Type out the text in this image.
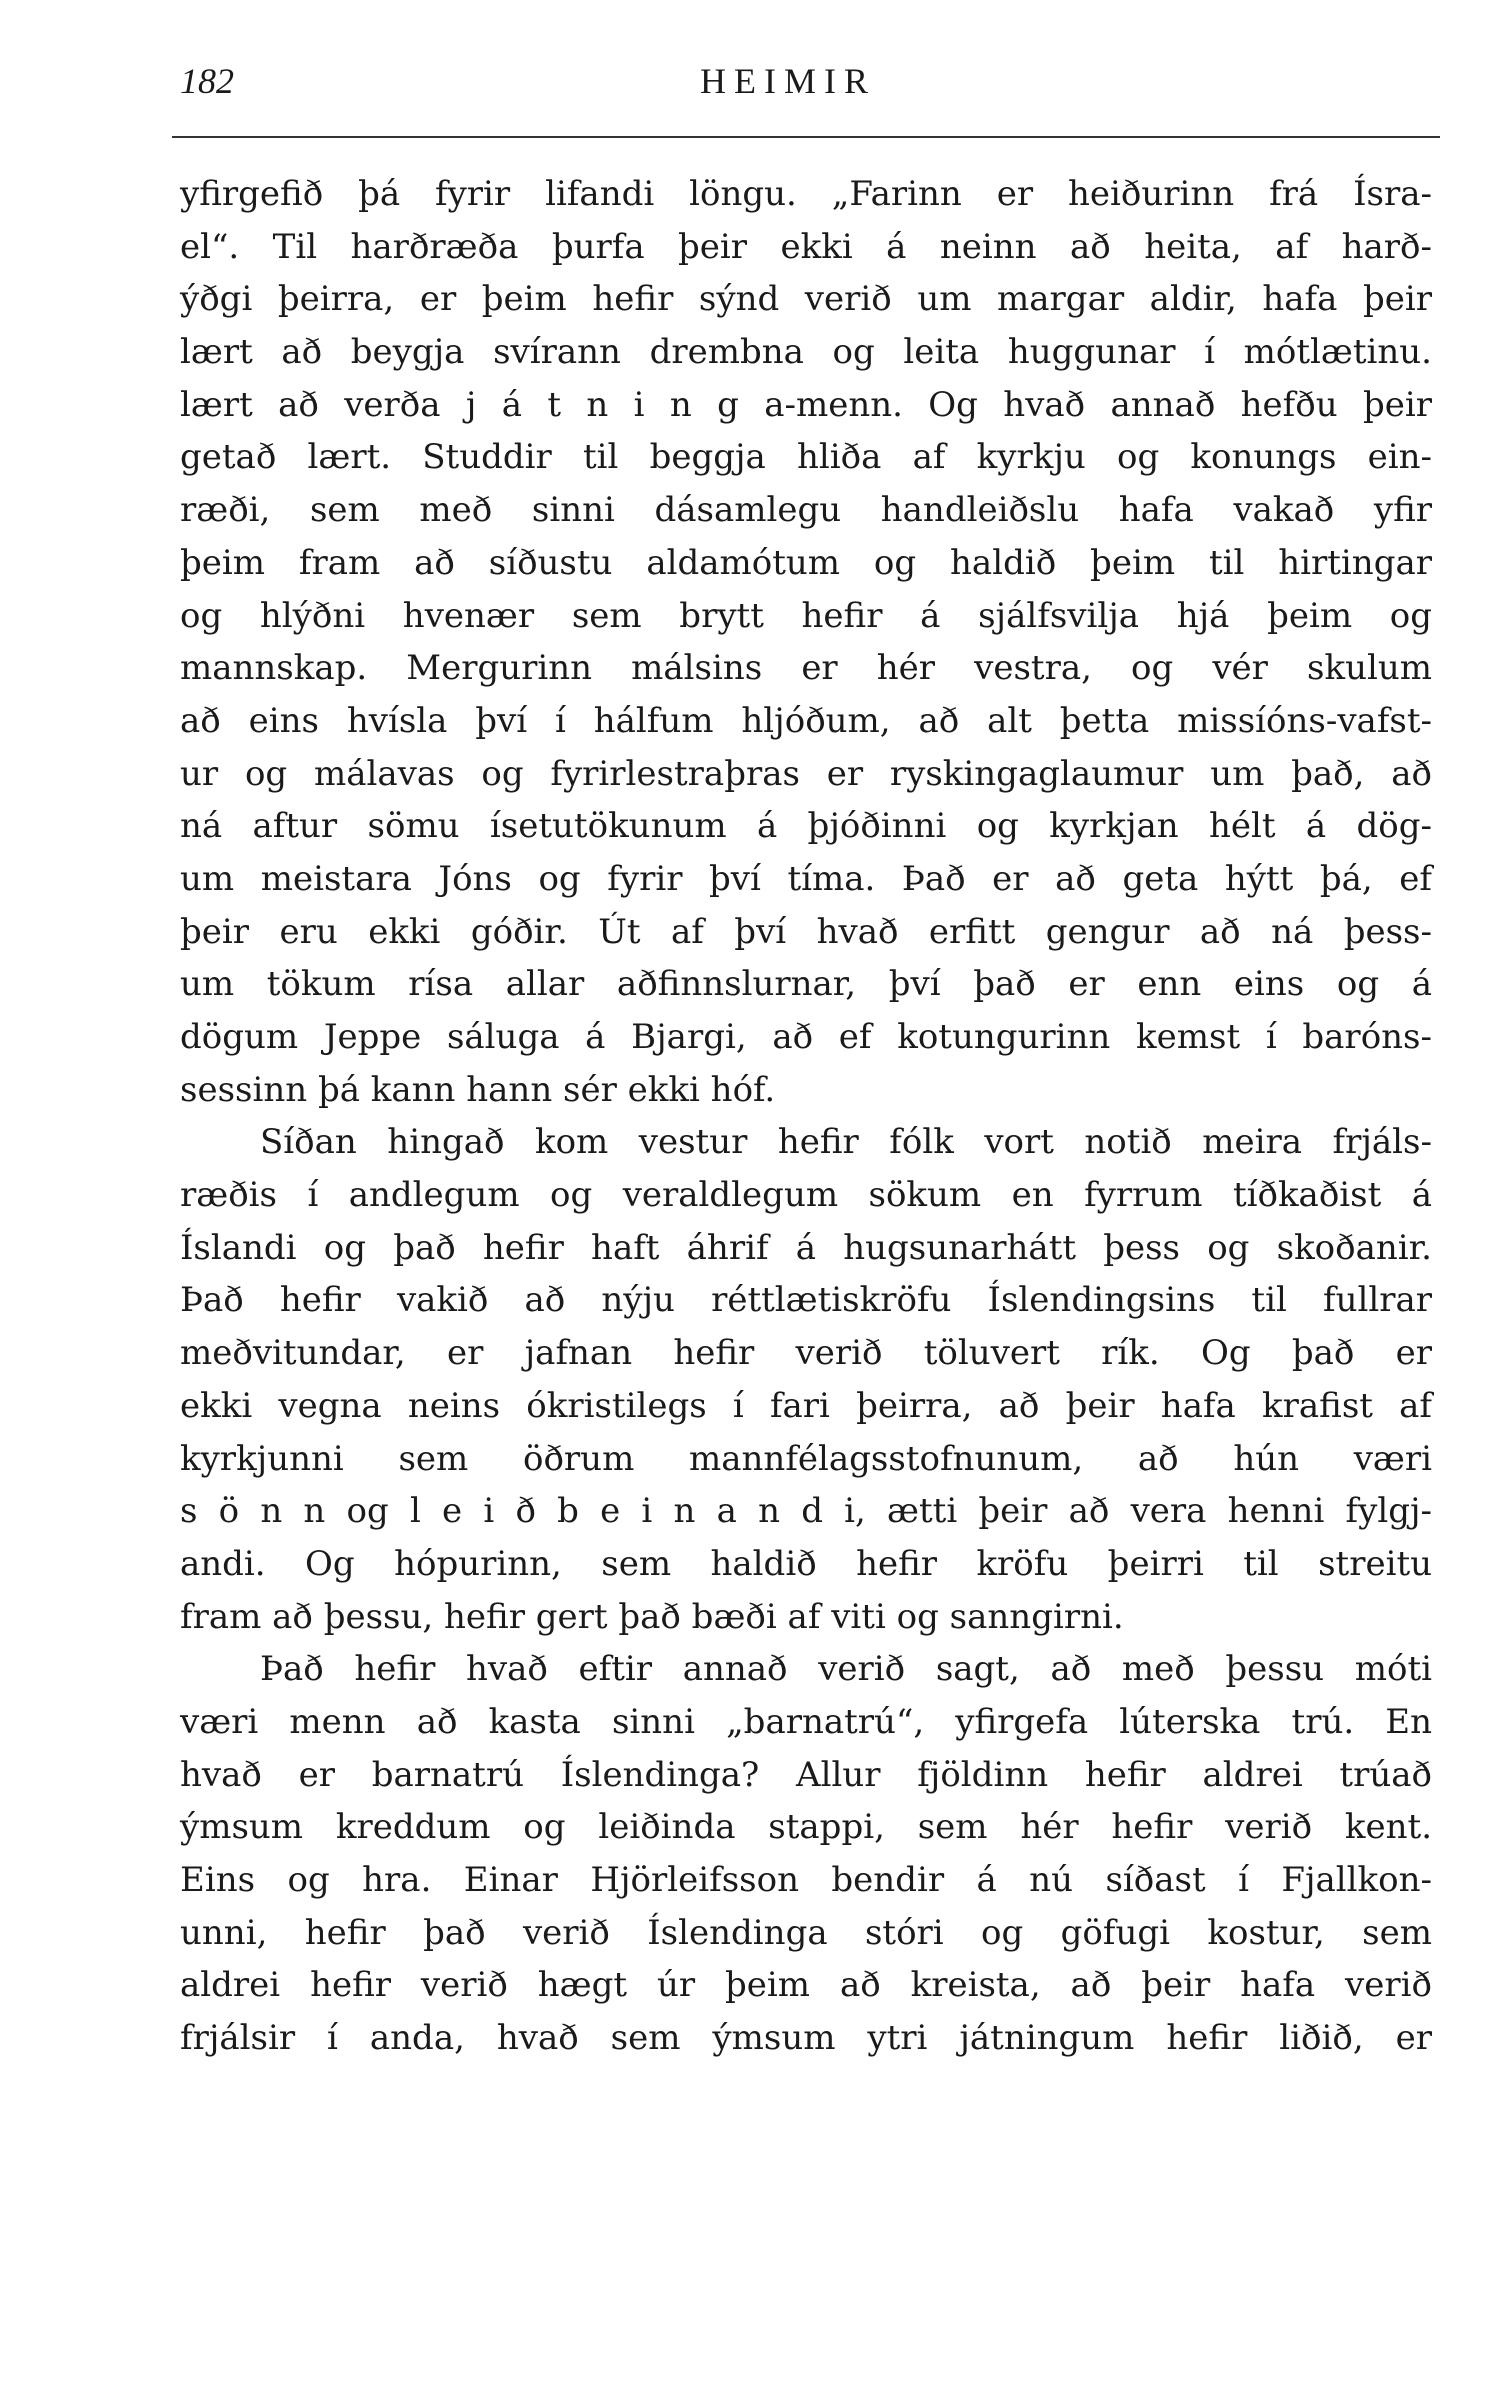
182	HEIMIR
yfirgefið þá fyrir lifandi löngu. „Farinn er heiðurinn frá Ísra-
el“. Til harðræða þurfa þeir ekki á neinn að heita, af harð-
ýðgi þeirra, er þeim hefir sýnd verið um margar aldir, hafa þeir
lært að beygja svírann drembna og leita huggunar í mótlætinu.
lært að verða j á t n i n g a-menn. Og hvað annað hefðu þeir
getað lært. Studdir til beggja hliða af kyrkju og konungs ein-
ræði, sem með sinni dásamlegu handleiðslu hafa vakað yfir
þeim fram að síðustu aldamótum og haldið þeim til hirtingar
og hlýðni hvenær sem brytt hefir á sjálfsvilja hjá þeim og
mannskap. Mergurinn málsins er hér vestra, og vér skulum
að eins hvísla því í hálfum hljóðum, að alt þetta missíóns-vafst-
ur og málavas og fyrirlestraþras er ryskingaglaumur um það, að
ná aftur sömu ísetutökunum á þjóðinni og kyrkjan hélt á dög-
um meistara Jóns og fyrir því tíma. Það er að geta hýtt þá, ef
þeir eru ekki góðir. Út af því hvað erfitt gengur að ná þess-
um tökum rísa allar aðfinnslurnar, því það er enn eins og á
dögum Jeppe sáluga á Bjargi, að ef kotungurinn kemst í baróns-
sessinn þá kann hann sér ekki hóf.
Síðan hingað kom vestur hefir fólk vort notið meira frjáls-
ræðis í andlegum og veraldlegum sökum en fyrrum tíðkaðist á
Íslandi og það hefir haft áhrif á hugsunarhátt þess og skoðanir.
Það hefir vakið að nýju réttlætiskröfu Íslendingsins til fullrar
meðvitundar, er jafnan hefir verið töluvert rík. Og það er
ekki vegna neins ókristilegs í fari þeirra, að þeir hafa krafist af
kyrkjunni sem öðrum mannfélagsstofnunum, að hún væri
s ö n n og l e i ð b e i n a n d i, ætti þeir að vera henni fylgj-
andi. Og hópurinn, sem haldið hefir kröfu þeirri til streitu
fram að þessu, hefir gert það bæði af viti og sanngirni.
Það hefir hvað eftir annað verið sagt, að með þessu móti
væri menn að kasta sinni „barnatrú“, yfirgefa lúterska trú. En
hvað er barnatrú Íslendinga? Allur fjöldinn hefir aldrei trúað
ýmsum kreddum og leiðinda stappi, sem hér hefir verið kent.
Eins og hra. Einar Hjörleifsson bendir á nú síðast í Fjallkon-
unni, hefir það verið Íslendinga stóri og göfugi kostur, sem
aldrei hefir verið hægt úr þeim að kreista, að þeir hafa verið
frjálsir í anda, hvað sem ýmsum ytri játningum hefir liðið, er
